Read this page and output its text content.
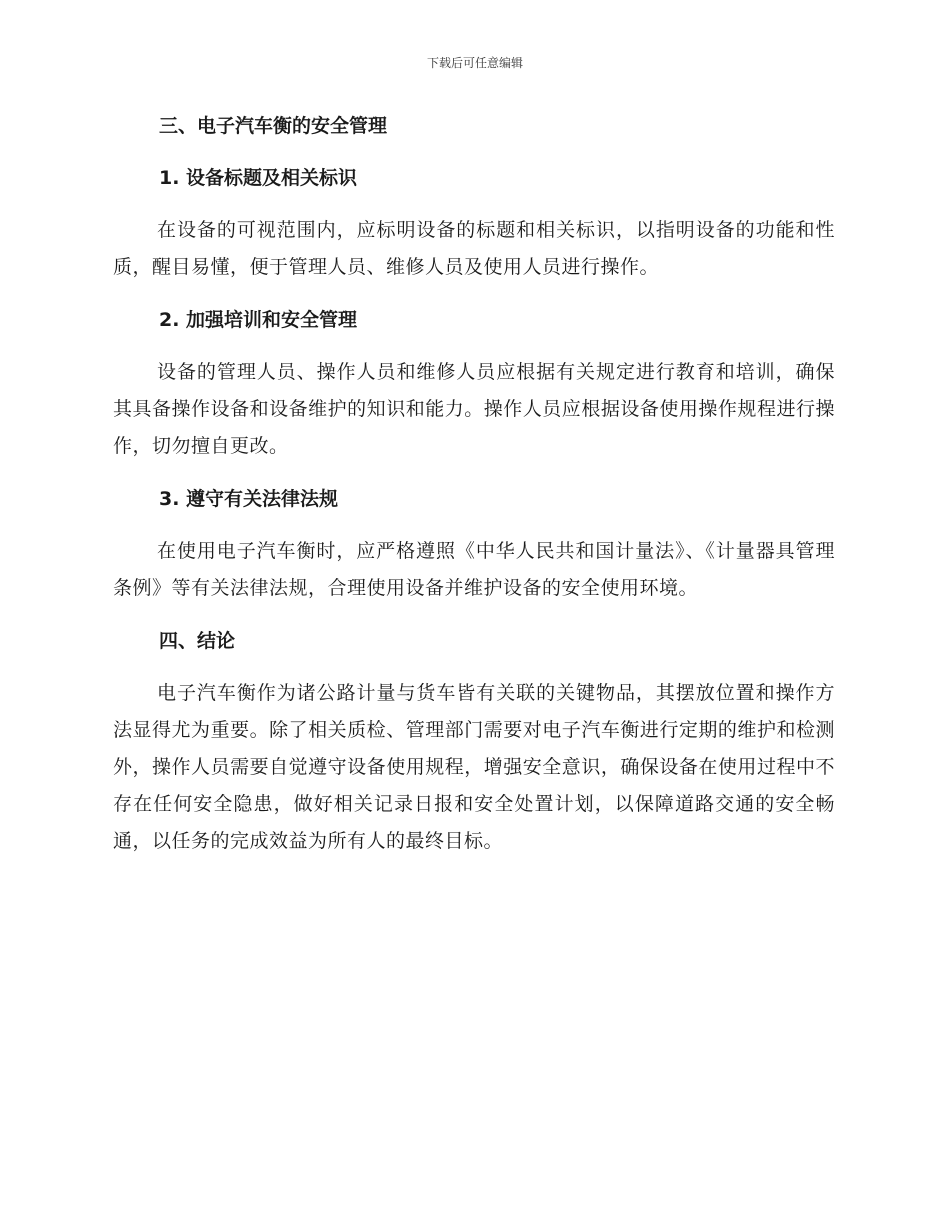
下载后可任意编辑

三、电子汽车衡的安全管理

1. 设备标题及相关标识

在设备的可视范围内，应标明设备的标题和相关标识，以指明设备的功能和性质，醒目易懂，便于管理人员、维修人员及使用人员进行操作。

2. 加强培训和安全管理

设备的管理人员、操作人员和维修人员应根据有关规定进行教育和培训，确保其具备操作设备和设备维护的知识和能力。操作人员应根据设备使用操作规程进行操作，切勿擅自更改。

3. 遵守有关法律法规

在使用电子汽车衡时，应严格遵照《中华人民共和国计量法》、《计量器具管理条例》等有关法律法规，合理使用设备并维护设备的安全使用环境。

四、结论

电子汽车衡作为诸公路计量与货车皆有关联的关键物品，其摆放位置和操作方法显得尤为重要。除了相关质检、管理部门需要对电子汽车衡进行定期的维护和检测外，操作人员需要自觉遵守设备使用规程，增强安全意识，确保设备在使用过程中不存在任何安全隐患，做好相关记录日报和安全处置计划，以保障道路交通的安全畅通，以任务的完成效益为所有人的最终目标。
